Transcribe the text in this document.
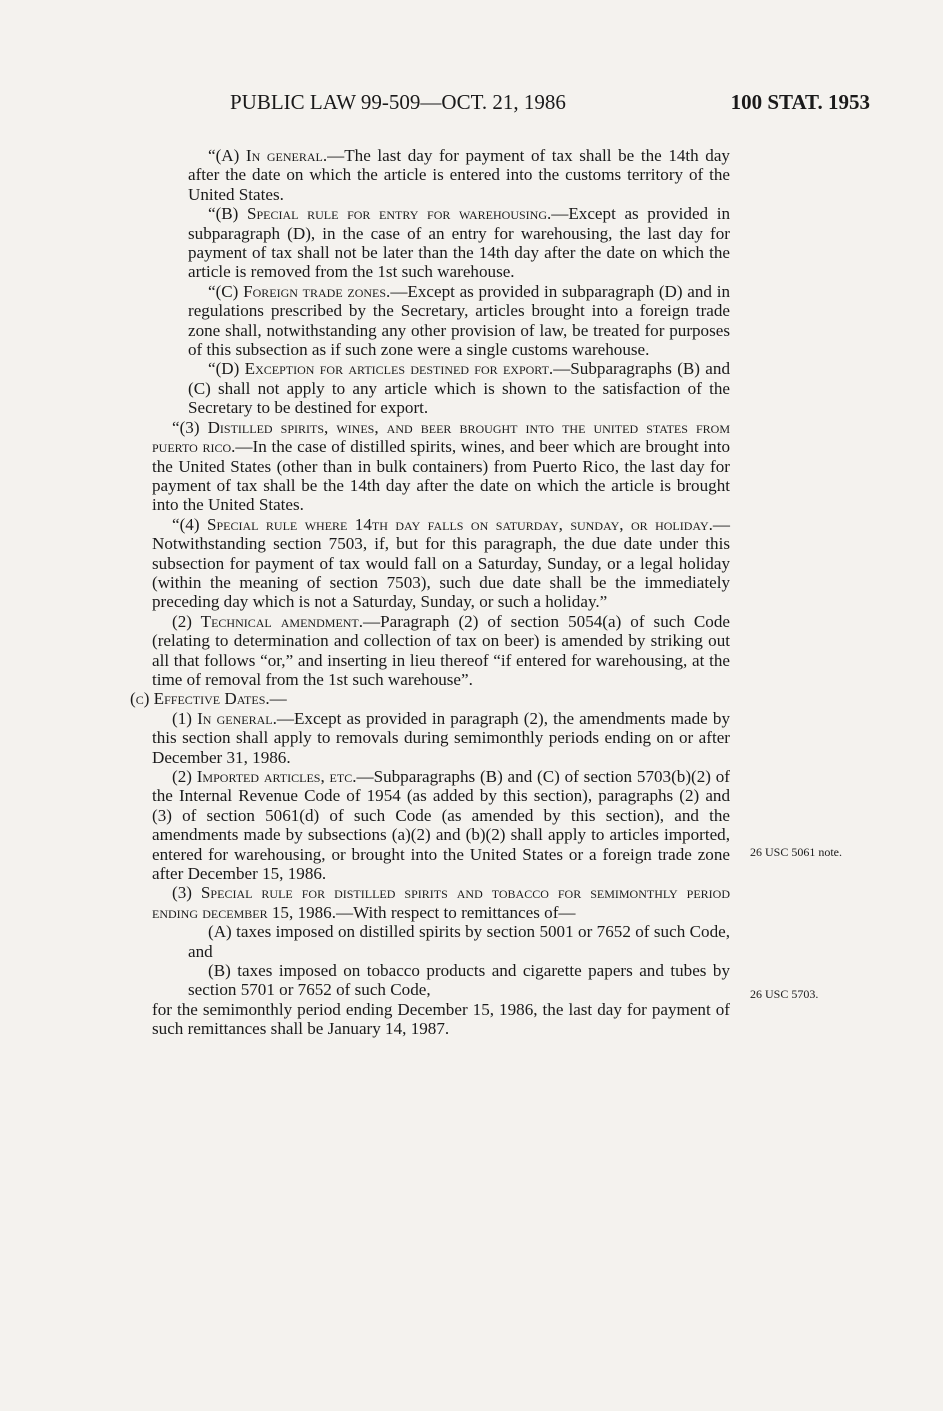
PUBLIC LAW 99-509—OCT. 21, 1986	100 STAT. 1953

“(A) In general.—The last day for payment of tax shall be the 14th day after the date on which the article is entered into the customs territory of the United States.

“(B) Special rule for entry for warehousing.—Except as provided in subparagraph (D), in the case of an entry for warehousing, the last day for payment of tax shall not be later than the 14th day after the date on which the article is removed from the 1st such warehouse.

“(C) Foreign trade zones.—Except as provided in subparagraph (D) and in regulations prescribed by the Secretary, articles brought into a foreign trade zone shall, notwithstanding any other provision of law, be treated for purposes of this subsection as if such zone were a single customs warehouse.

“(D) Exception for articles destined for export.—Subparagraphs (B) and (C) shall not apply to any article which is shown to the satisfaction of the Secretary to be destined for export.

“(3) Distilled spirits, wines, and beer brought into the united states from puerto rico.—In the case of distilled spirits, wines, and beer which are brought into the United States (other than in bulk containers) from Puerto Rico, the last day for payment of tax shall be the 14th day after the date on which the article is brought into the United States.

“(4) Special rule where 14th day falls on saturday, sunday, or holiday.—Notwithstanding section 7503, if, but for this paragraph, the due date under this subsection for payment of tax would fall on a Saturday, Sunday, or a legal holiday (within the meaning of section 7503), such due date shall be the immediately preceding day which is not a Saturday, Sunday, or such a holiday.”

(2) Technical amendment.—Paragraph (2) of section 5054(a) of such Code (relating to determination and collection of tax on beer) is amended by striking out all that follows “or,” and inserting in lieu thereof “if entered for warehousing, at the time of removal from the 1st such warehouse”.

(c) Effective Dates.—

(1) In general.—Except as provided in paragraph (2), the amendments made by this section shall apply to removals during semimonthly periods ending on or after December 31, 1986.

(2) Imported articles, etc.—Subparagraphs (B) and (C) of section 5703(b)(2) of the Internal Revenue Code of 1954 (as added by this section), paragraphs (2) and (3) of section 5061(d) of such Code (as amended by this section), and the amendments made by subsections (a)(2) and (b)(2) shall apply to articles imported, entered for warehousing, or brought into the United States or a foreign trade zone after December 15, 1986.

(3) Special rule for distilled spirits and tobacco for semimonthly period ending december 15, 1986.—With respect to remittances of—

(A) taxes imposed on distilled spirits by section 5001 or 7652 of such Code, and

(B) taxes imposed on tobacco products and cigarette papers and tubes by section 5701 or 7652 of such Code,

for the semimonthly period ending December 15, 1986, the last day for payment of such remittances shall be January 14, 1987.

26 USC 5061 note.
26 USC 5703.
